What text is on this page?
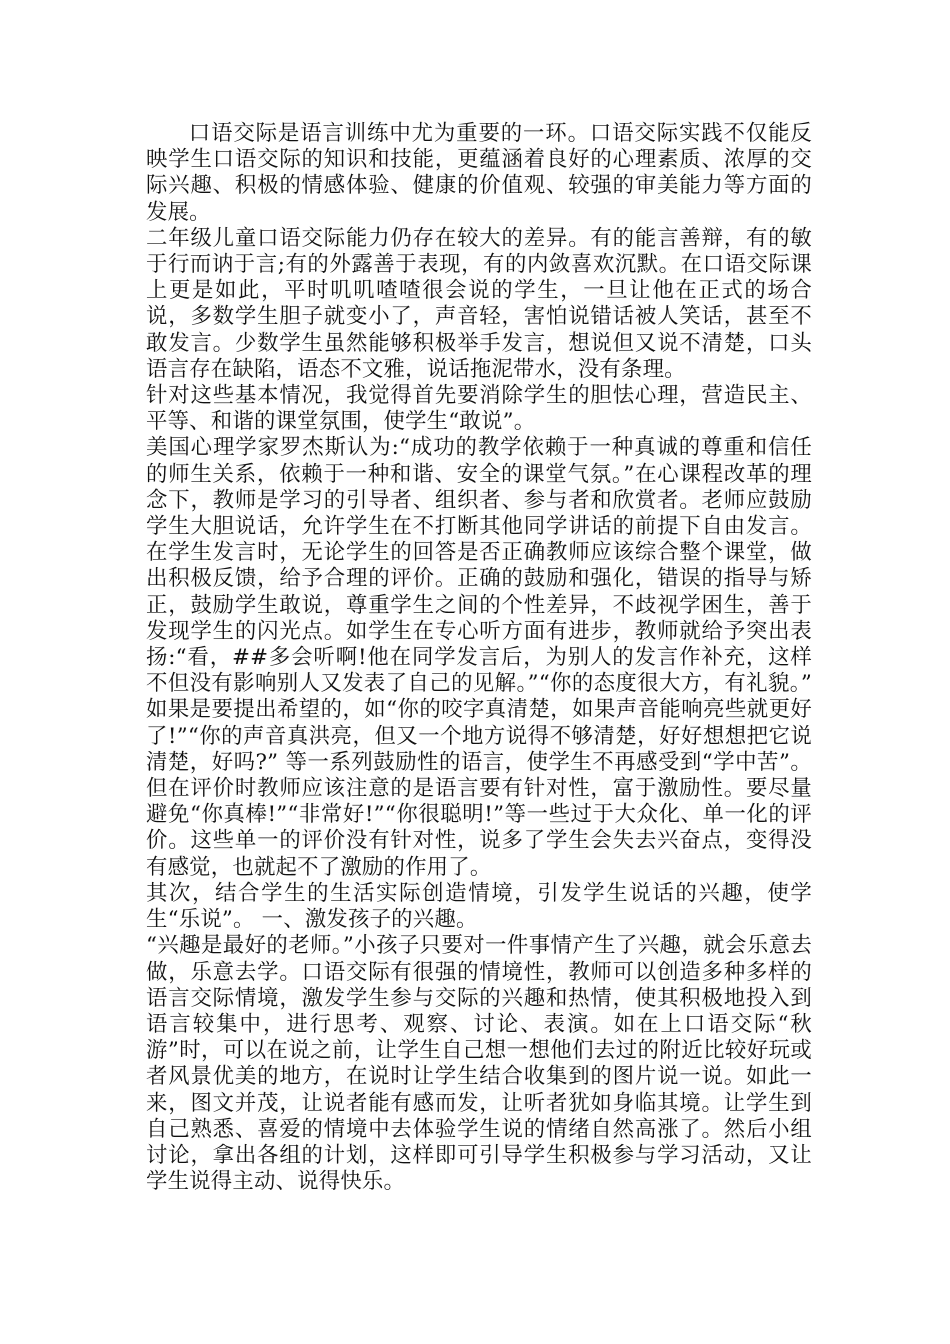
口语交际是语言训练中尤为重要的一环。口语交际实践不仅能反映学生口语交际的知识和技能，更蕴涵着良好的心理素质、浓厚的交际兴趣、积极的情感体验、健康的价值观、较强的审美能力等方面的发展。

二年级儿童口语交际能力仍存在较大的差异。有的能言善辩，有的敏于行而讷于言;有的外露善于表现，有的内敛喜欢沉默。在口语交际课上更是如此，平时叽叽喳喳很会说的学生，一旦让他在正式的场合说，多数学生胆子就变小了，声音轻，害怕说错话被人笑话，甚至不敢发言。少数学生虽然能够积极举手发言，想说但又说不清楚，口头语言存在缺陷，语态不文雅，说话拖泥带水，没有条理。

针对这些基本情况，我觉得首先要消除学生的胆怯心理，营造民主、平等、和谐的课堂氛围，使学生“敢说”。

美国心理学家罗杰斯认为:“成功的教学依赖于一种真诚的尊重和信任的师生关系，依赖于一种和谐、安全的课堂气氛。”在心课程改革的理念下，教师是学习的引导者、组织者、参与者和欣赏者。老师应鼓励学生大胆说话，允许学生在不打断其他同学讲话的前提下自由发言。在学生发言时，无论学生的回答是否正确教师应该综合整个课堂，做出积极反馈，给予合理的评价。正确的鼓励和强化，错误的指导与矫正，鼓励学生敢说，尊重学生之间的个性差异，不歧视学困生，善于发现学生的闪光点。如学生在专心听方面有进步，教师就给予突出表扬:“看，##多会听啊!他在同学发言后，为别人的发言作补充，这样不但没有影响别人又发表了自己的见解。”“你的态度很大方，有礼貌。” 如果是要提出希望的，如“你的咬字真清楚，如果声音能响亮些就更好了!”“你的声音真洪亮，但又一个地方说得不够清楚，好好想想把它说清楚，好吗?” 等一系列鼓励性的语言，使学生不再感受到“学中苦”。但在评价时教师应该注意的是语言要有针对性，富于激励性。要尽量避免“你真棒!”“非常好!”“你很聪明!”等一些过于大众化、单一化的评价。这些单一的评价没有针对性，说多了学生会失去兴奋点，变得没有感觉，也就起不了激励的作用了。

其次，结合学生的生活实际创造情境，引发学生说话的兴趣，使学生“乐说”。 一、激发孩子的兴趣。

“兴趣是最好的老师。”小孩子只要对一件事情产生了兴趣，就会乐意去做，乐意去学。口语交际有很强的情境性，教师可以创造多种多样的语言交际情境，激发学生参与交际的兴趣和热情，使其积极地投入到语言较集中，进行思考、观察、讨论、表演。如在上口语交际“秋游”时，可以在说之前，让学生自己想一想他们去过的附近比较好玩或者风景优美的地方，在说时让学生结合收集到的图片说一说。如此一来，图文并茂，让说者能有感而发，让听者犹如身临其境。让学生到自己熟悉、喜爱的情境中去体验学生说的情绪自然高涨了。然后小组讨论，拿出各组的计划，这样即可引导学生积极参与学习活动，又让学生说得主动、说得快乐。
